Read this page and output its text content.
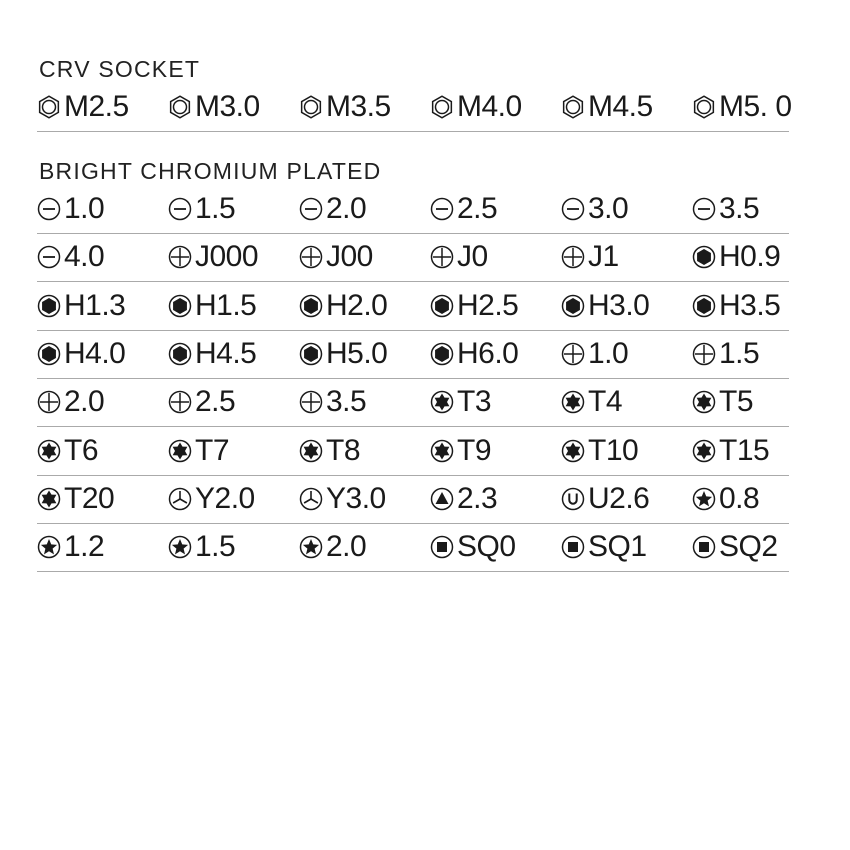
CRV SOCKET
BRIGHT CHROMIUM PLATED
M2.5 M3.0 M3.5 M4.0 M4.5 M5. 0
1.0	1.5	2.0	2.5	3.0	3.5
4.0	J000 J00	J0	J1	H0.9
H1.3 H1.5 H2.0 H2.5 H3.0 H3.5
H4.0 H4.5 H5.0 H6.0 1.0	1.5
2.0	2.5	3.5	T3	T4	T5
T6	T7	T8	T9	T10	T15
T20	Y2.0 Y3.0 2.3	U2.6 0.8
1.2	1.5	2.0	SQ0 SQ1 SQ2
